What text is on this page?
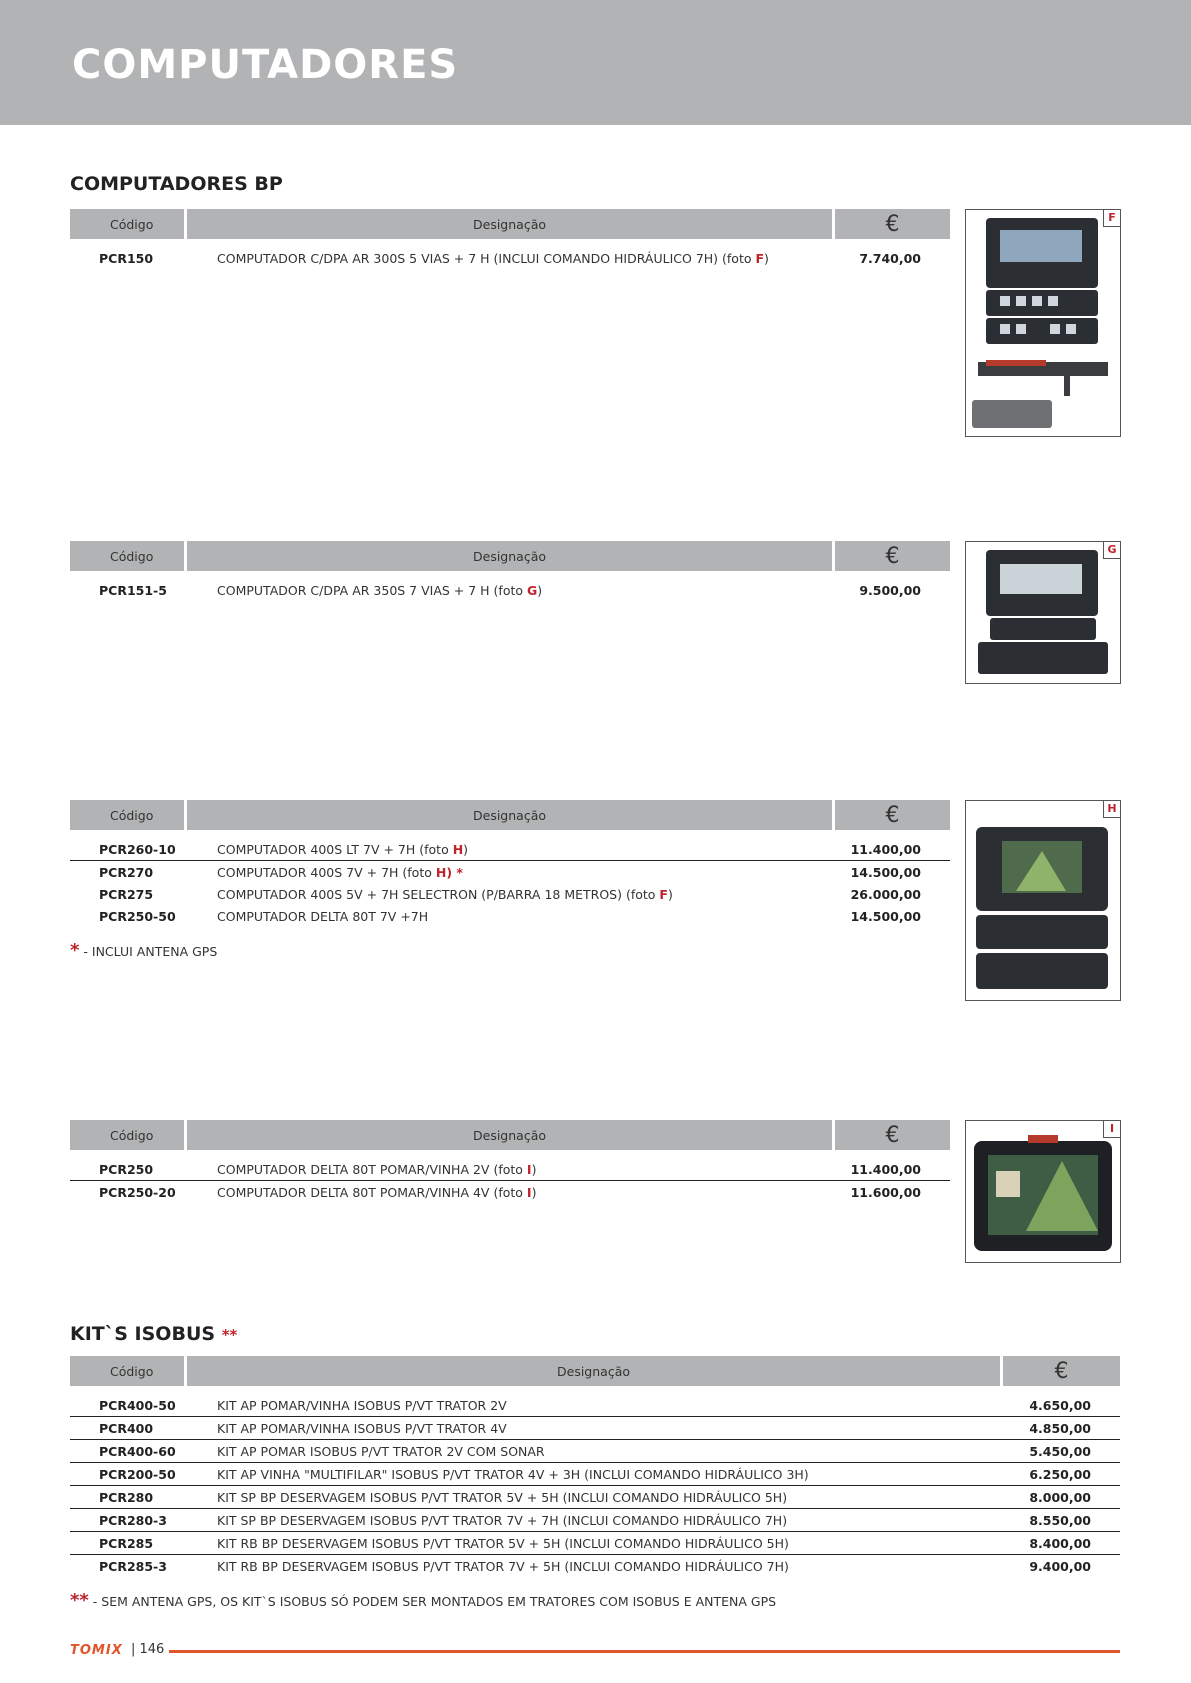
COMPUTADORES
COMPUTADORES BP
Código	Designação	€

PCR150	COMPUTADOR C/DPA AR 300S 5 VIAS + 7 H (INCLUI COMANDO HIDRÁULICO 7H) (foto F)	7.740,00
Código	Designação	€

PCR151-5	COMPUTADOR C/DPA AR 350S 7 VIAS + 7 H (foto G)	9.500,00
Código	Designação	€

PCR260-10	COMPUTADOR 400S LT 7V + 7H (foto H)	11.400,00
PCR270	COMPUTADOR 400S 7V + 7H (foto H) *	14.500,00
PCR275	COMPUTADOR 400S 5V + 7H SELECTRON (P/BARRA 18 METROS) (foto F)	26.000,00
PCR250-50	COMPUTADOR DELTA 80T 7V +7H	14.500,00
* - INCLUI ANTENA GPS
Código	Designação	€

PCR250	COMPUTADOR DELTA 80T POMAR/VINHA 2V (foto I)	11.400,00
PCR250-20	COMPUTADOR DELTA 80T POMAR/VINHA 4V (foto I)	11.600,00
F
G
H
I
KIT`S ISOBUS **
Código	Designação	€

PCR400-50	KIT AP POMAR/VINHA ISOBUS P/VT TRATOR 2V	4.650,00
PCR400	KIT AP POMAR/VINHA ISOBUS P/VT TRATOR 4V	4.850,00
PCR400-60	KIT AP POMAR ISOBUS P/VT TRATOR 2V COM SONAR	5.450,00
PCR200-50	KIT AP VINHA "MULTIFILAR" ISOBUS P/VT TRATOR 4V + 3H (INCLUI COMANDO HIDRÁULICO 3H)	6.250,00
PCR280	KIT SP BP DESERVAGEM ISOBUS P/VT TRATOR 5V + 5H (INCLUI COMANDO HIDRÁULICO 5H)	8.000,00
PCR280-3	KIT SP BP DESERVAGEM ISOBUS P/VT TRATOR 7V + 7H (INCLUI COMANDO HIDRÁULICO 7H)	8.550,00
PCR285	KIT RB BP DESERVAGEM ISOBUS P/VT TRATOR 5V + 5H (INCLUI COMANDO HIDRÁULICO 5H)	8.400,00
PCR285-3	KIT RB BP DESERVAGEM ISOBUS P/VT TRATOR 7V + 5H (INCLUI COMANDO HIDRÁULICO 7H)	9.400,00
** - SEM ANTENA GPS, OS KIT`S ISOBUS SÓ PODEM SER MONTADOS EM TRATORES COM ISOBUS E ANTENA GPS
TOMIX | 146
